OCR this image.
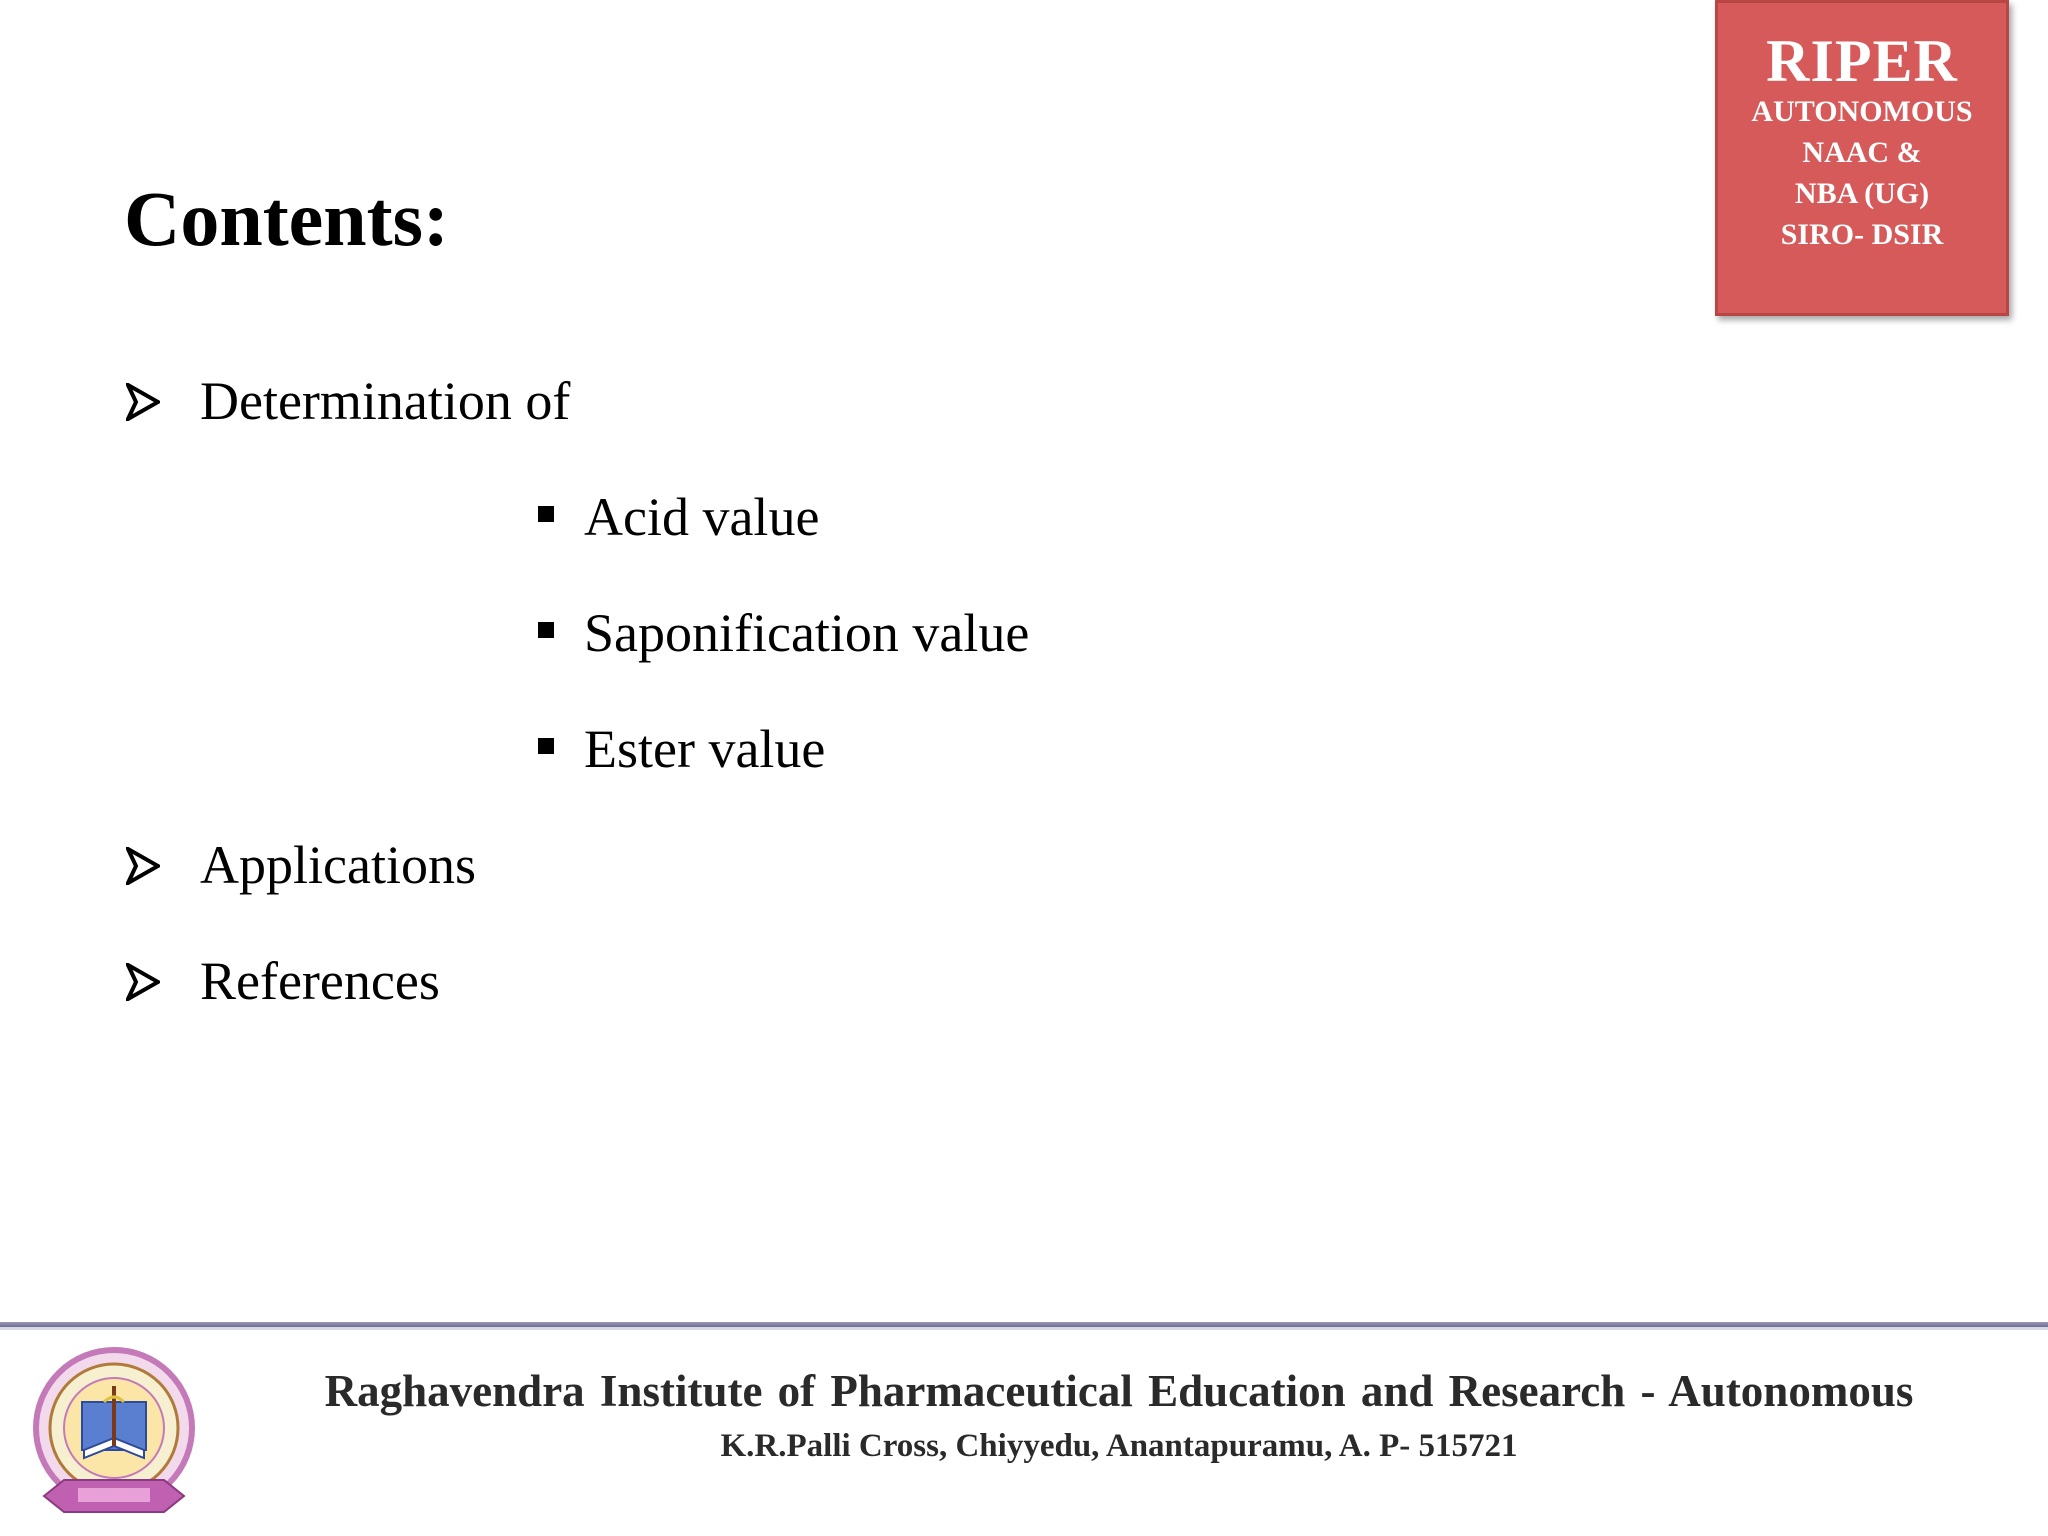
Contents:
RIPER
AUTONOMOUS
NAAC &
NBA (UG)
SIRO- DSIR
Determination of
Acid value
Saponification value
Ester value
Applications
References
Raghavendra Institute of Pharmaceutical Education and Research - Autonomous
K.R.Palli Cross, Chiyyedu, Anantapuramu, A. P- 515721
